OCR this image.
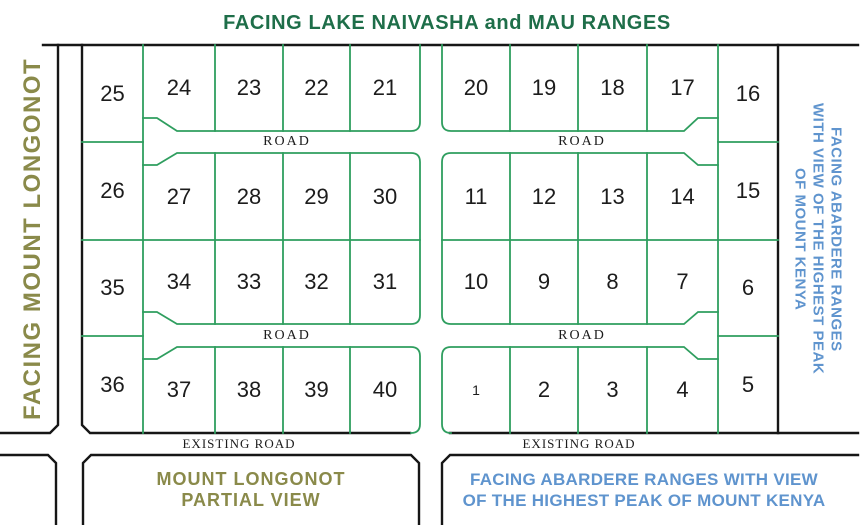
FACING LAKE NAIVASHA and MAU RANGES
FACING MOUNT LONGONOT	FACING ABARDERE RANGES
WITH VIEW OF THE HIGHEST PEAK
OF MOUNT KENYA
25	24	23	22	21	20	19	18	17	16
26	27	28	29	30	11	12	13	14	15
35	34	33	32	31	10	9	8	7	6
36	37	38	39	40	1	2	3	4	5
ROAD	ROAD
ROAD	ROAD
EXISTING ROAD	EXISTING ROAD
MOUNT LONGONOT
PARTIAL VIEW
FACING ABARDERE RANGES WITH VIEW
OF THE HIGHEST PEAK OF MOUNT KENYA
